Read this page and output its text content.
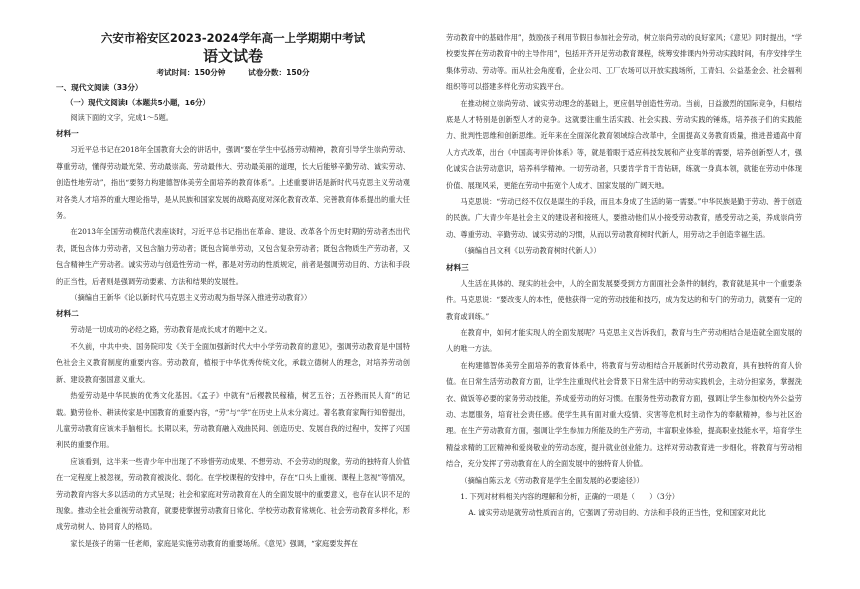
六安市裕安区2023-2024学年高一上学期期中考试
语文试卷
考试时间：150分钟	试卷分数：150分
一、现代文阅读（33分）
（一）现代文阅读Ⅰ（本题共5小题，16分）

阅读下面的文字，完成1～5题。

材料一

习近平总书记在2018年全国教育大会的讲话中，强调“要在学生中弘扬劳动精神，教育引导学生崇尚劳动、尊重劳动，懂得劳动最光荣、劳动最崇高、劳动最伟大、劳动最美丽的道理，长大后能够辛勤劳动、诚实劳动、创造性地劳动”，指出“要努力构建德智体美劳全面培养的教育体系”。上述重要讲话是新时代马克思主义劳动观对各类人才培养的重大理论指导，是从民族和国家发展的战略高度对深化教育改革、完善教育体系提出的重大任务。

在2013年全国劳动模范代表座谈时，习近平总书记指出在革命、建设、改革各个历史时期的劳动者杰出代表，既包含体力劳动者，又包含脑力劳动者；既包含简单劳动，又包含复杂劳动者；既包含物质生产劳动者，又包含精神生产劳动者。诚实劳动与创造性劳动一样，都是对劳动的性质规定，前者是强调劳动目的、方法和手段的正当性，后者则是强调劳动要素、方法和结果的发展性。

（摘编自王新华《论以新时代马克思主义劳动观为指导深入推进劳动教育》）

材料二

劳动是一切成功的必经之路，劳动教育是成长成才的题中之义。

不久前，中共中央、国务院印发《关于全面加强新时代大中小学劳动教育的意见》，强调劳动教育是中国特色社会主义教育制度的重要内容。劳动教育，植根于中华优秀传统文化，承载立德树人的理念，对培养劳动创新、建设教育强国意义重大。

热爱劳动是中华民族的优秀文化基因。《孟子》中就有“后稷教民稼穑，树艺五谷；五谷熟而民人育”的记载。勤劳俭朴、耕读传家是中国教育的重要内容，“劳”与“学”在历史上从未分离过。著名教育家陶行知曾提出，儿童劳动教育应该未手脑相长。长期以来，劳动教育融入戏曲民间、创造历史、发展自我的过程中，发挥了兴国利民的重要作用。

应该看到，这半来一些青少年中出现了不珍惜劳动成果、不想劳动、不会劳动的现象，劳动的独特育人价值在一定程度上被忽视，劳动教育被淡化、弱化。在学校课程的安排中，存在“口头上重视、课程上忽视”等情况，劳动教育内容大多以活动的方式呈现；社会和家庭对劳动教育在人的全面发展中的重要意义，也存在认识不足的现象。推动全社会重视劳动教育，就要使掌握劳动教育日常化、学校劳动教育常规化、社会劳动教育多样化，形成劳动树人、协同育人的格局。

家长是孩子的第一任老师，家庭是实施劳动教育的重要场所。《意见》强调，“家庭要发挥在

劳动教育中的基础作用”，鼓励孩子利用节假日参加社会劳动，树立崇尚劳动的良好家风；《意见》同时提出，“学校要发挥在劳动教育中的主导作用”，包括开齐开足劳动教育课程，统筹安排课内外劳动实践时间，有序安排学生集体劳动、劳动等。而从社会角度看，企业公司、工厂农场可以开放实践场所，工青妇、公益基金会、社会福利组织等可以搭建多样化劳动实践平台。

在推动树立崇尚劳动、诚实劳动理念的基础上，更应倡导创造性劳动。当前，日益激烈的国际竞争，归根结底是人才特别是创新型人才的竞争。这就要注重生活实践、社会实践、劳动实践的锤炼，培养孩子们的实践能力、批判性思维和创新思维。近年来在全面深化教育领域综合改革中，全面提高义务教育质量，推进普通高中育人方式改革，出台《中国高考评价体系》等，就是着眼于适应科技发展和产业变革的需要，培养创新型人才，强化诚实合法劳动意识，培养科学精神。一切劳动者，只要肯学肯干肯钻研，练就一身真本领，就能在劳动中体现价值、展现风采，更能在劳动中拓宽个人成才、国家发展的广阔天地。

马克思说：“劳动已经不仅仅是谋生的手段，而且本身成了生活的第一需要。”中华民族是勤于劳动、善于创造的民族。广大青少年是社会主义的建设者和接班人，要推动他们从小接受劳动教育，感受劳动之美，养成崇尚劳动、尊重劳动、辛勤劳动、诚实劳动的习惯，从而以劳动教育树时代新人，用劳动之手创造幸福生活。

（摘编自吕文利《以劳动教育树时代新人》）

材料三

人生活在具体的、现实的社会中，人的全面发展要受到方方面面社会条件的制约，教育就是其中一个重要条件。马克思说：“要改变人的本性，使他获得一定的劳动技能和技巧，成为发达的和专门的劳动力，就要有一定的教育或训练。”

在教育中，如何才能实现人的全面发展呢？马克思主义告诉我们，教育与生产劳动相结合是造就全面发展的人的唯一方法。

在构建德智体美劳全面培养的教育体系中，将教育与劳动相结合开展新时代劳动教育，具有独特的育人价值。在日常生活劳动教育方面，让学生注重现代社会背景下日常生活中的劳动实践机会，主动分担家务，掌握洗衣、做饭等必要的家务劳动技能，养成爱劳动的好习惯。在服务性劳动教育方面，强调让学生参加校内外公益劳动、志愿服务，培育社会责任感。使学生具有面对重大疫情、灾害等危机时主动作为的奉献精神，参与社区治理。在生产劳动教育方面，强调让学生参加力所能及的生产劳动，丰富职业体验，提高职业技能水平，培育学生精益求精的工匠精神和爱岗敬业的劳动态度，提升就业创业能力。这样对劳动教育进一步细化，将教育与劳动相结合，充分发挥了劳动教育在人的全面发展中的独特育人价值。

（摘编自陈云龙《劳动教育是学生全面发展的必要途径》）

1. 下列对材料相关内容的理解和分析，正确的一项是（　　）（3分）

A. 诚实劳动是就劳动性质而言的，它强调了劳动目的、方法和手段的正当性，党和国家对此比
